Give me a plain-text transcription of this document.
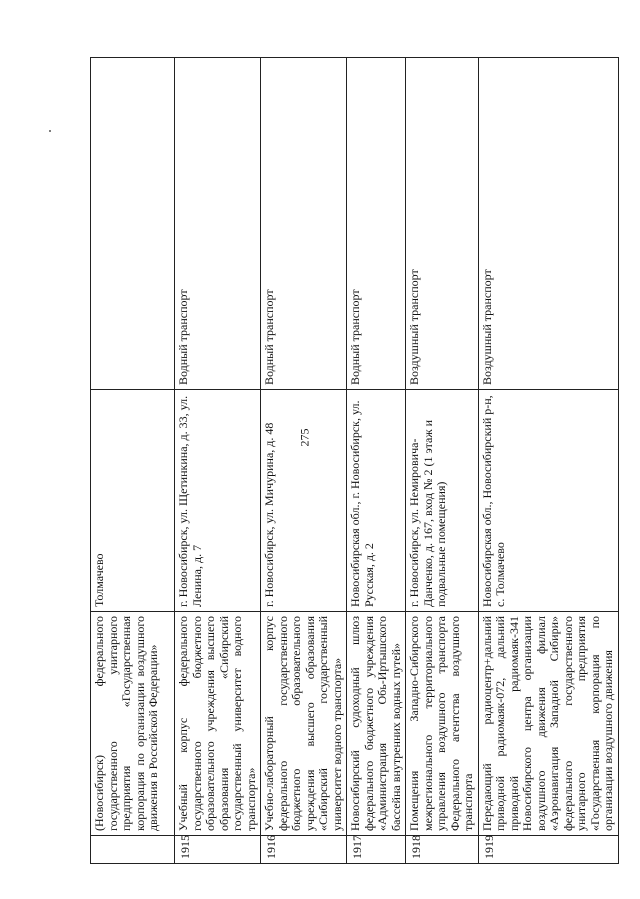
275
	(Новосибирск) федерального государственного унитарного предприятия «Государственная корпорация по организации воздушного движения в Российской Федерации»	Толмачево	
1915	Учебный корпус федерального государственного бюджетного образовательного учреждения высшего образования «Сибирский государственный университет водного транспорта»	г. Новосибирск, ул. Щетинкина, д. 33, ул. Ленина, д. 7	Водный транспорт
1916	Учебно-лабораторный корпус федерального государственного бюджетного образовательного учреждения высшего образования «Сибирский государственный университет водного транспорта»	г. Новосибирск, ул. Мичурина, д. 48	Водный транспорт
1917	Новосибирский судоходный шлюз федерального бюджетного учреждения «Администрация Обь-Иртышского бассейна внутренних водных путей»	Новосибирская обл., г. Новосибирск, ул. Русская, д. 2	Водный транспорт
1918	Помещения Западно-Сибирского межрегионального территориального управления воздушного транспорта Федерального агентства воздушного транспорта	г. Новосибирск, ул. Немировича-Данченко, д. 167, вход № 2 (1 этаж и подвальные помещения)	Воздушный транспорт
1919	Передающий радиоцентр+дальний приводной радиомаяк-072, дальний приводной радиомаяк-341 Новосибирского центра организации воздушного движения филиал «Аэронавигация Западной Сибири» федерального государственного унитарного предприятия «Государственная корпорация по организации воздушного движения	Новосибирская обл., Новосибирский р-н, с. Толмачево	Воздушный транспорт
